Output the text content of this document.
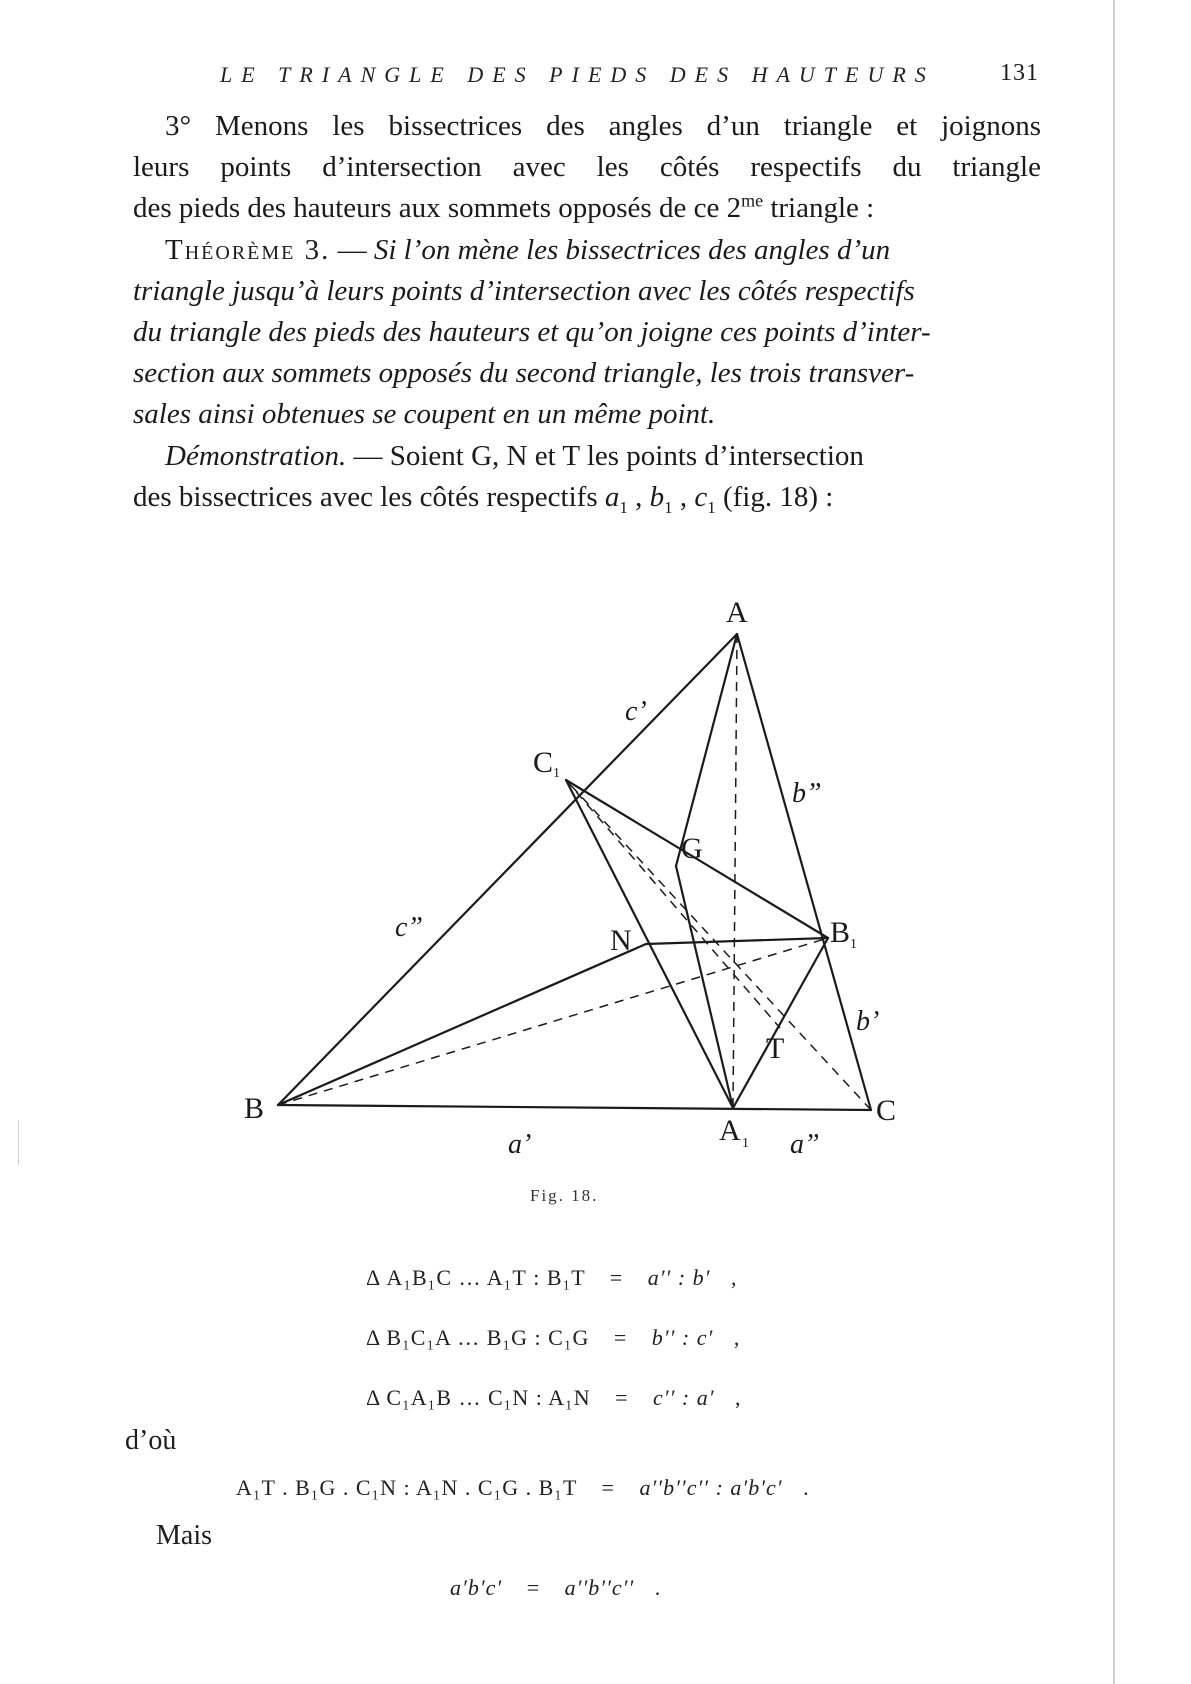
LE TRIANGLE DES PIEDS DES HAUTEURS	131
3° Menons les bissectrices des angles d’un triangle et joignons
leurs points d’intersection avec les côtés respectifs du triangle
des pieds des hauteurs aux sommets opposés de ce $2^{me}$ triangle :
Théorème 3. — Si l’on mène les bissectrices des angles d’un
triangle jusqu’à leurs points d’intersection avec les côtés respectifs
du triangle des pieds des hauteurs et qu’on joigne ces points d’inter-
section aux sommets opposés du second triangle, les trois transver-
sales ainsi obtenues se coupent en un même point.
Démonstration. — Soient G, N et T les points d’intersection
des bissectrices avec les côtés respectifs $a_1$ , $b_1$ , $c_1$ (fig. 18) :
A
B	C
C 1
B 1
A 1
G
N
T
c’
c”
b”
b’
a’	a”
Fig. 18.
Δ A₁B₁C … A₁T : B₁T = a′′ : b′ ,
Δ B₁C₁A … B₁G : C₁G = b′′ : c′ ,
Δ C₁A₁B … C₁N : A₁N = c′′ : a′ ,
d’où
A₁T . B₁G . C₁N : A₁N . C₁G . B₁T = a′′b′′c′′ : a′b′c′ .
Mais
a′b′c′ = a′′b′′c′′ .
